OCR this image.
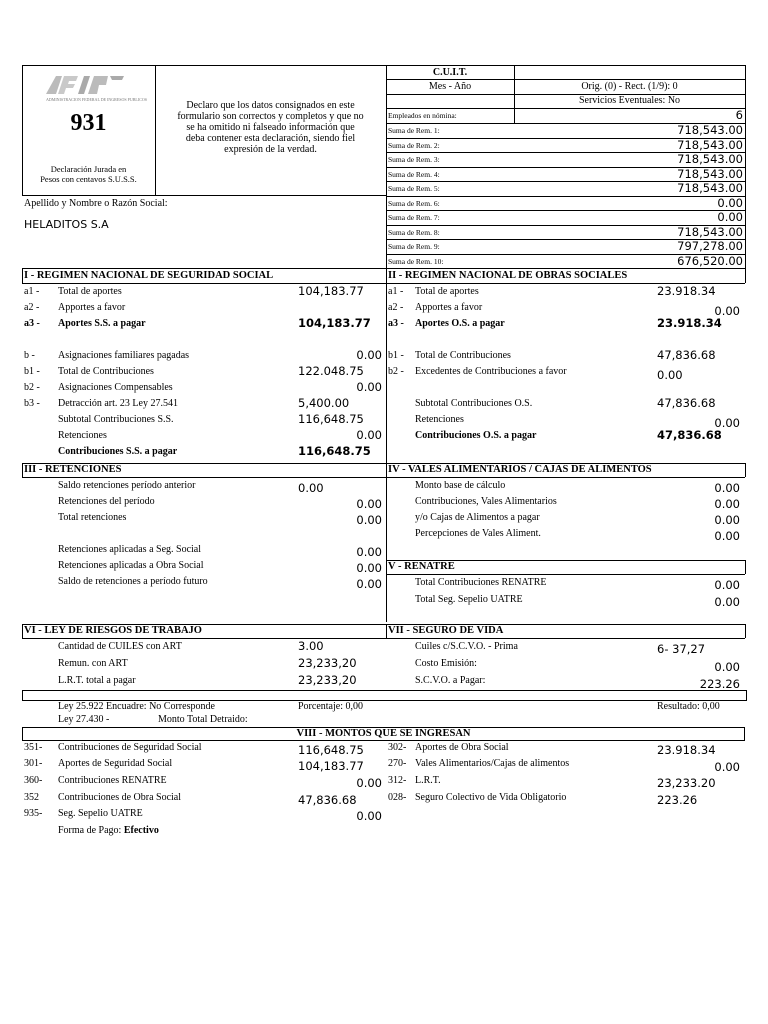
ADMINISTRACION FEDERAL DE INGRESOS PUBLICOS
931
Declaración Jurada en
Pesos con centavos S.U.S.S.
Declaro que los datos consignados en este
formulario son correctos y completos y que no
se ha omitido ni falseado información que
deba contener esta declaración, siendo fiel
expresión de la verdad.
C.U.I.T.
Mes - Año	Orig. (0) - Rect. (1/9): 0
Servicios Eventuales: No
Empleados en nómina:	6
Suma de Rem. 1:	718,543.00
Suma de Rem. 2:	718,543.00
Suma de Rem. 3:	718,543.00
Suma de Rem. 4:	718,543.00
Suma de Rem. 5:	718,543.00
Suma de Rem. 6:	0.00
Suma de Rem. 7:	0.00
Suma de Rem. 8:	718,543.00
Suma de Rem. 9:	797,278.00
Suma de Rem. 10:	676,520.00
Apellido y Nombre o Razón Social:
HELADITOS S.A
I - REGIMEN NACIONAL DE SEGURIDAD SOCIAL	II - REGIMEN NACIONAL DE OBRAS SOCIALES
a1 - Total de aportes	104,183.77
a2 - Apportes a favor
a3 - Aportes S.S. a pagar	104,183.77
b - Asignaciones familiares pagadas	0.00
b1 - Total de Contribuciones	122.048.75
b2 - Asignaciones Compensables	0.00
b3 - Detracción art. 23 Ley 27.541	5,400.00
Subtotal Contribuciones S.S.	116,648.75
Retenciones	0.00
Contribuciones S.S. a pagar	116,648.75
a1 - Total de aportes	23.918.34
a2 - Apportes a favor	0.00
a3 - Aportes O.S. a pagar	23.918.34
b1 - Total de Contribuciones	47,836.68
b2 - Excedentes de Contribuciones a favor	0.00
Subtotal Contribuciones O.S.	47,836.68
Retenciones	0.00
Contribuciones O.S. a pagar	47,836.68
III - RETENCIONES	IV - VALES ALIMENTARIOS / CAJAS DE ALIMENTOS
Saldo retenciones período anterior	0.00
Retenciones del período	0.00
Total retenciones	0.00
Retenciones aplicadas a Seg. Social	0.00
Retenciones aplicadas a Obra Social	0.00
Saldo de retenciones a período futuro	0.00
Monto base de cálculo	0.00
Contribuciones, Vales Alimentarios	0.00
y/o Cajas de Alimentos a pagar	0.00
Percepciones de Vales Aliment.	0.00
V - RENATRE
Total Contribuciones RENATRE	0.00
Total Seg. Sepelio UATRE	0.00
VI - LEY DE RIESGOS DE TRABAJO	VII - SEGURO DE VIDA
Cantidad de CUILES con ART	3.00
Remun. con ART	23,233,20
L.R.T. total a pagar	23,233,20
Cuiles c/S.C.V.O. - Prima	6- 37,27
Costo Emisión:	0.00
S.C.V.O. a Pagar:	223.26
Ley 25.922 Encuadre: No Corresponde	Porcentaje: 0,00	Resultado: 0,00
Ley 27.430 -	Monto Total Detraido:
VIII - MONTOS QUE SE INGRESAN
351- Contribuciones de Seguridad Social	116,648.75
301- Aportes de Seguridad Social	104,183.77
360- Contribuciones RENATRE	0.00
352 Contribuciones de Obra Social	47,836.68
935- Seg. Sepelio UATRE	0.00
302- Aportes de Obra Social	23.918.34
270- Vales Alimentarios/Cajas de alimentos	0.00
312- L.R.T.	23,233.20
028- Seguro Colectivo de Vida Obligatorio	223.26
Forma de Pago: Efectivo
